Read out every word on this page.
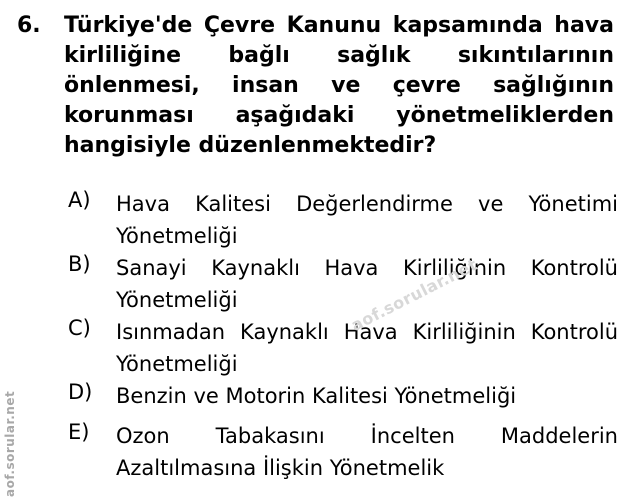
6. Türkiye'de Çevre Kanunu kapsamında hava kirliliğine bağlı sağlık sıkıntılarının önlenmesi, insan ve çevre sağlığının korunması aşağıdaki yönetmeliklerden hangisiyle düzenlenmektedir?
A)	Hava Kalitesi Değerlendirme ve Yönetimi Yönetmeliği
B)	Sanayi Kaynaklı Hava Kirliliğinin Kontrolü Yönetmeliği
C)	Isınmadan Kaynaklı Hava Kirliliğinin Kontrolü Yönetmeliği
D)	Benzin ve Motorin Kalitesi Yönetmeliği
E)	Ozon Tabakasını İncelten Maddelerin Azaltılmasına İlişkin Yönetmelik
aof.sorular.net
aof.sorular.net
